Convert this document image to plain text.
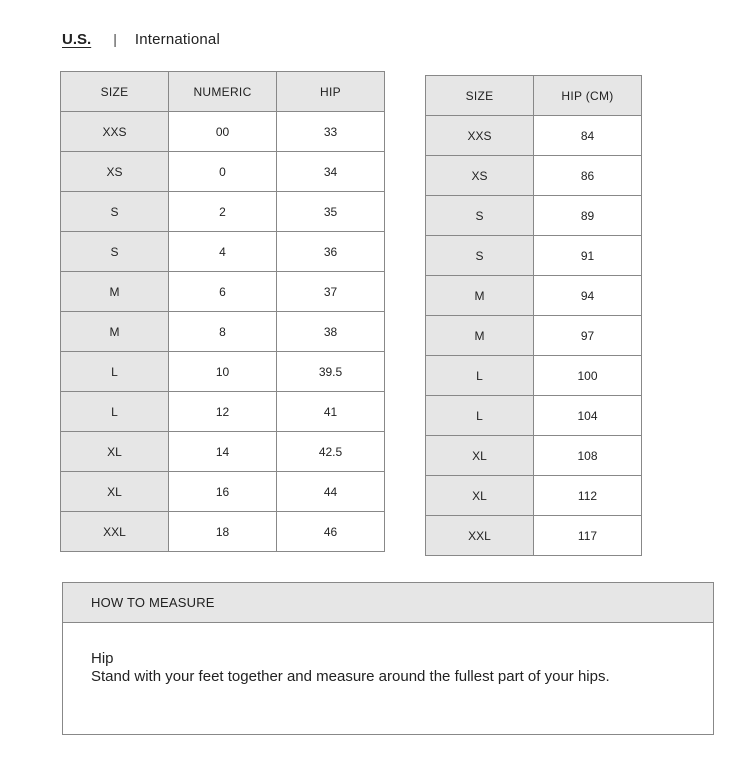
U.S. | International
SIZE	NUMERIC	HIP
XXS	00	33
XS	0	34
S	2	35
S	4	36
M	6	37
M	8	38
L	10	39.5
L	12	41
XL	14	42.5
XL	16	44
XXL	18	46
SIZE	HIP (CM)
XXS	84
XS	86
S	89
S	91
M	94
M	97
L	100
L	104
XL	108
XL	112
XXL	117
HOW TO MEASURE
Hip
Stand with your feet together and measure around the fullest part of your hips.
